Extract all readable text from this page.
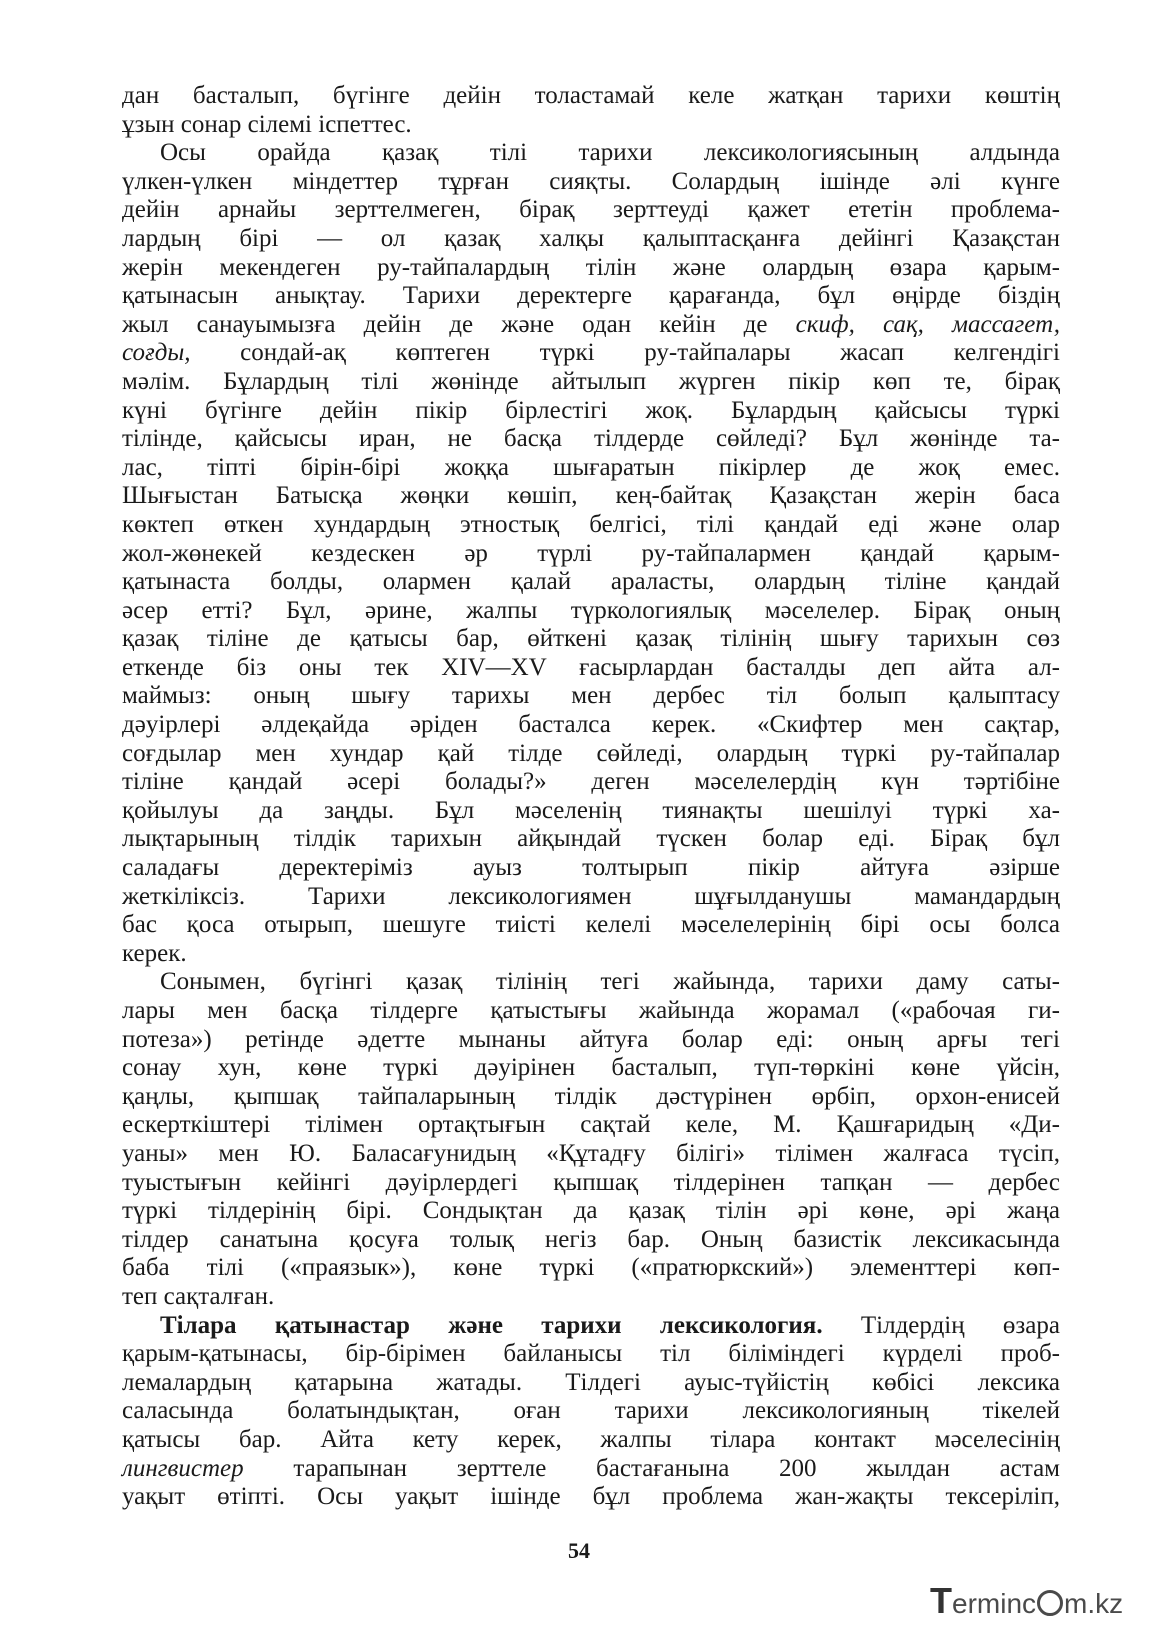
дан басталып, бүгінге дейін толастамай келе жатқан тарихи көштің
ұзын сонар сілемі іспеттес.
Осы орайда қазақ тілі тарихи лексикологиясының алдында
үлкен-үлкен міндеттер тұрған сияқты. Солардың ішінде әлі күнге
дейін арнайы зерттелмеген, бірақ зерттеуді қажет ететін проблема-
лардың бірі — ол қазақ халқы қалыптасқанға дейінгі Қазақстан
жерін мекендеген ру-тайпалардың тілін және олардың өзара қарым-
қатынасын анықтау. Тарихи деректерге қарағанда, бұл өңірде біздің
жыл санауымызға дейін де және одан кейін де скиф, сақ, массагет,
соғды, сондай-ақ көптеген түркі ру-тайпалары жасап келгендігі
мәлім. Бұлардың тілі жөнінде айтылып жүрген пікір көп те, бірақ
күні бүгінге дейін пікір бірлестігі жоқ. Бұлардың қайсысы түркі
тілінде, қайсысы иран, не басқа тілдерде сөйледі? Бұл жөнінде та-
лас, тіпті бірін-бірі жоққа шығаратын пікірлер де жоқ емес.
Шығыстан Батысқа жөңки көшіп, кең-байтақ Қазақстан жерін баса
көктеп өткен хундардың этностық белгісі, тілі қандай еді және олар
жол-жөнекей кездескен әр түрлі ру-тайпалармен қандай қарым-
қатынаста болды, олармен қалай араласты, олардың тіліне қандай
әсер етті? Бұл, әрине, жалпы түркологиялық мәселелер. Бірақ оның
қазақ тіліне де қатысы бар, өйткені қазақ тілінің шығу тарихын сөз
еткенде біз оны тек XIV—XV ғасырлардан басталды деп айта ал-
маймыз: оның шығу тарихы мен дербес тіл болып қалыптасу
дәуірлері әлдеқайда әріден басталса керек. «Скифтер мен сақтар,
соғдылар мен хундар қай тілде сөйледі, олардың түркі ру-тайпалар
тіліне қандай әсері болады?» деген мәселелердің күн тәртібіне
қойылуы да заңды. Бұл мәселенің тиянақты шешілуі түркі ха-
лықтарының тілдік тарихын айқындай түскен болар еді. Бірақ бұл
саладағы деректеріміз ауыз толтырып пікір айтуға әзірше
жеткіліксіз. Тарихи лексикологиямен шұғылданушы мамандардың
бас қоса отырып, шешуге тиісті келелі мәселелерінің бірі осы болса
керек.
Сонымен, бүгінгі қазақ тілінің тегі жайында, тарихи даму саты-
лары мен басқа тілдерге қатыстығы жайында жорамал («рабочая ги-
потеза») ретінде әдетте мынаны айтуға болар еді: оның арғы тегі
сонау хун, көне түркі дәуірінен басталып, түп-төркіні көне үйсін,
қаңлы, қыпшақ тайпаларының тілдік дәстүрінен өрбіп, орхон-енисей
ескерткіштері тілімен ортақтығын сақтай келе, М. Қашғаридың «Ди-
уаны» мен Ю. Баласағунидың «Құтадғу білігі» тілімен жалғаса түсіп,
туыстығын кейінгі дәуірлердегі қыпшақ тілдерінен тапқан — дербес
түркі тілдерінің бірі. Сондықтан да қазақ тілін әрі көне, әрі жаңа
тілдер санатына қосуға толық негіз бар. Оның базистік лексикасында
баба тілі («праязык»), көне түркі («пратюркский») элементтері көп-
теп сақталған.
Тілара қатынастар және тарихи лексикология. Тілдердің өзара
қарым-қатынасы, бір-бірімен байланысы тіл біліміндегі күрделі проб-
лемалардың қатарына жатады. Тілдегі ауыс-түйістің көбісі лексика
саласында болатындықтан, оған тарихи лексикологияның тікелей
қатысы бар. Айта кету керек, жалпы тілара контакт мәселесінің
лингвистер тарапынан зерттеле бастағанына 200 жылдан астам
уақыт өтіпті. Осы уақыт ішінде бұл проблема жан-жақты тексеріліп,
54
Terminc m.kz
